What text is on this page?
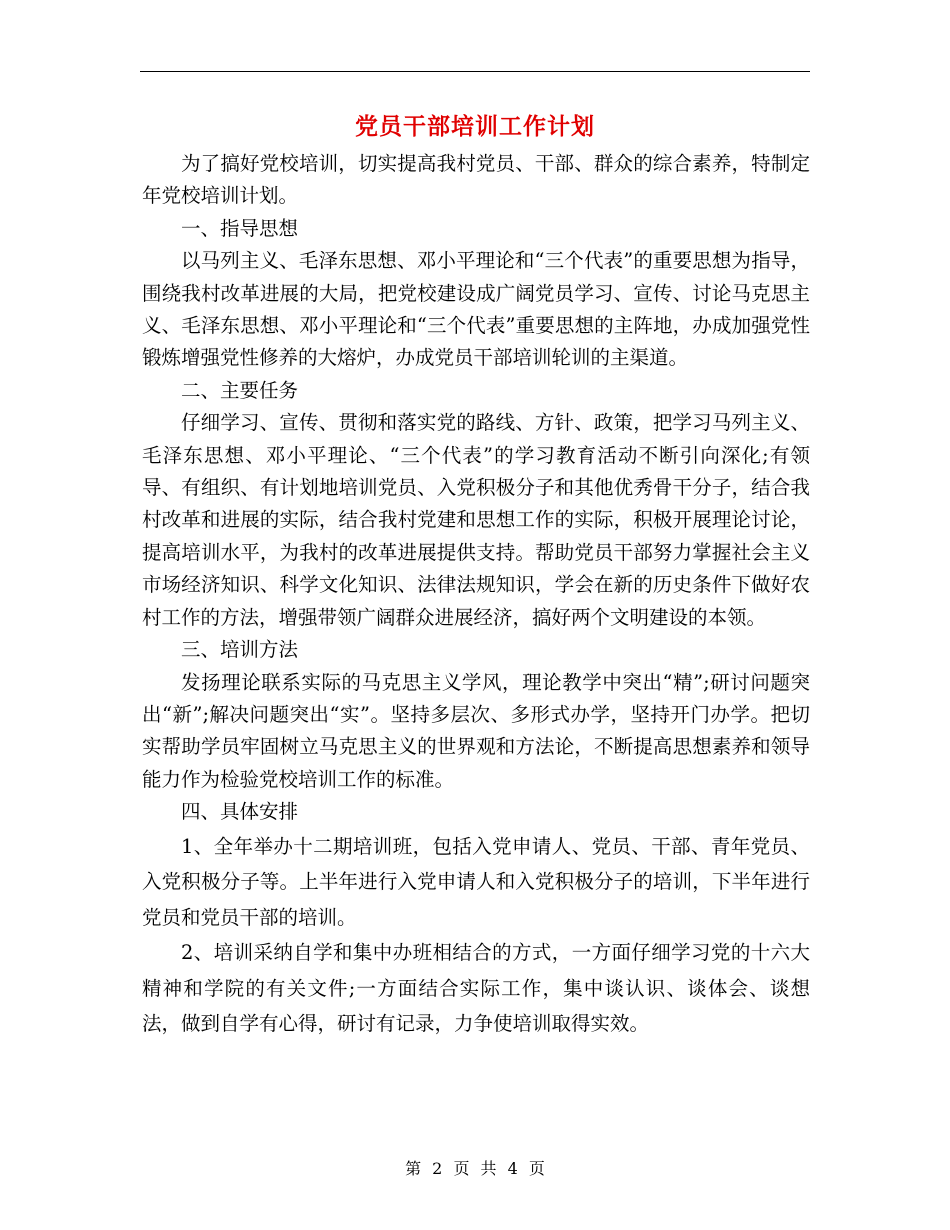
党员干部培训工作计划

为了搞好党校培训，切实提高我村党员、干部、群众的综合素养，特制定年党校培训计划。

一、指导思想

以马列主义、毛泽东思想、邓小平理论和“三个代表”的重要思想为指导，围绕我村改革进展的大局，把党校建设成广阔党员学习、宣传、讨论马克思主义、毛泽东思想、邓小平理论和“三个代表”重要思想的主阵地，办成加强党性锻炼增强党性修养的大熔炉，办成党员干部培训轮训的主渠道。

二、主要任务

仔细学习、宣传、贯彻和落实党的路线、方针、政策，把学习马列主义、毛泽东思想、邓小平理论、“三个代表”的学习教育活动不断引向深化;有领导、有组织、有计划地培训党员、入党积极分子和其他优秀骨干分子，结合我村改革和进展的实际，结合我村党建和思想工作的实际，积极开展理论讨论，提高培训水平，为我村的改革进展提供支持。帮助党员干部努力掌握社会主义市场经济知识、科学文化知识、法律法规知识，学会在新的历史条件下做好农村工作的方法，增强带领广阔群众进展经济，搞好两个文明建设的本领。

三、培训方法

发扬理论联系实际的马克思主义学风，理论教学中突出“精”;研讨问题突出“新”;解决问题突出“实”。坚持多层次、多形式办学，坚持开门办学。把切实帮助学员牢固树立马克思主义的世界观和方法论，不断提高思想素养和领导能力作为检验党校培训工作的标准。

四、具体安排

1、全年举办十二期培训班，包括入党申请人、党员、干部、青年党员、入党积极分子等。上半年进行入党申请人和入党积极分子的培训，下半年进行党员和党员干部的培训。

2、培训采纳自学和集中办班相结合的方式，一方面仔细学习党的十六大精神和学院的有关文件;一方面结合实际工作，集中谈认识、谈体会、谈想法，做到自学有心得，研讨有记录，力争使培训取得实效。

第 2 页 共 4 页
